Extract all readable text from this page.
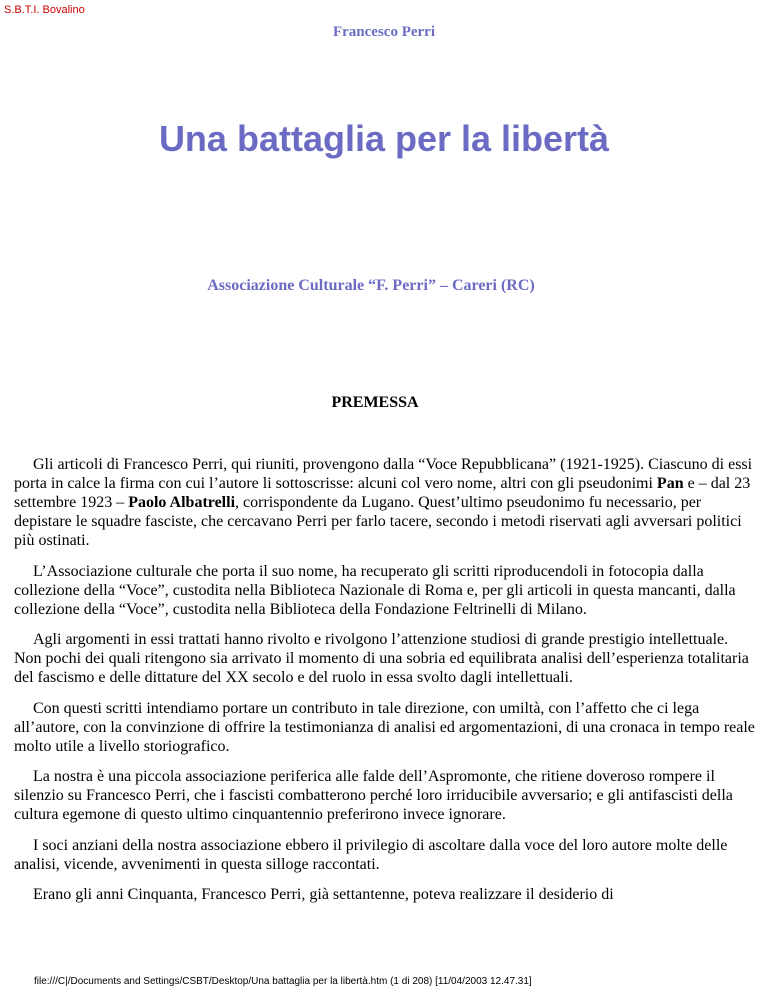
S.B.T.I. Bovalino
Francesco Perri
Una battaglia per la libertà
Associazione Culturale “F. Perri” – Careri (RC)
PREMESSA

Gli articoli di Francesco Perri, qui riuniti, provengono dalla “Voce Repubblicana” (1921-1925). Ciascuno di essi porta in calce la firma con cui l’autore li sottoscrisse: alcuni col vero nome, altri con gli pseudonimi Pan e – dal 23 settembre 1923 – Paolo Albatrelli, corrispondente da Lugano. Quest’ultimo pseudonimo fu necessario, per depistare le squadre fasciste, che cercavano Perri per farlo tacere, secondo i metodi riservati agli avversari politici più ostinati.

L’Associazione culturale che porta il suo nome, ha recuperato gli scritti riproducendoli in fotocopia dalla collezione della “Voce”, custodita nella Biblioteca Nazionale di Roma e, per gli articoli in questa mancanti, dalla collezione della “Voce”, custodita nella Biblioteca della Fondazione Feltrinelli di Milano.

Agli argomenti in essi trattati hanno rivolto e rivolgono l’attenzione studiosi di grande prestigio intellettuale. Non pochi dei quali ritengono sia arrivato il momento di una sobria ed equilibrata analisi dell’esperienza totalitaria del fascismo e delle dittature del XX secolo e del ruolo in essa svolto dagli intellettuali.

Con questi scritti intendiamo portare un contributo in tale direzione, con umiltà, con l’affetto che ci lega all’autore, con la convinzione di offrire la testimonianza di analisi ed argomentazioni, di una cronaca in tempo reale molto utile a livello storiografico.

La nostra è una piccola associazione periferica alle falde dell’Aspromonte, che ritiene doveroso rompere il silenzio su Francesco Perri, che i fascisti combatterono perché loro irriducibile avversario; e gli antifascisti della cultura egemone di questo ultimo cinquantennio preferirono invece ignorare.

I soci anziani della nostra associazione ebbero il privilegio di ascoltare dalla voce del loro autore molte delle analisi, vicende, avvenimenti in questa silloge raccontati.

Erano gli anni Cinquanta, Francesco Perri, già settantenne, poteva realizzare il desiderio di

file:///C|/Documents and Settings/CSBT/Desktop/Una battaglia per la libertà.htm (1 di 208) [11/04/2003 12.47.31]
